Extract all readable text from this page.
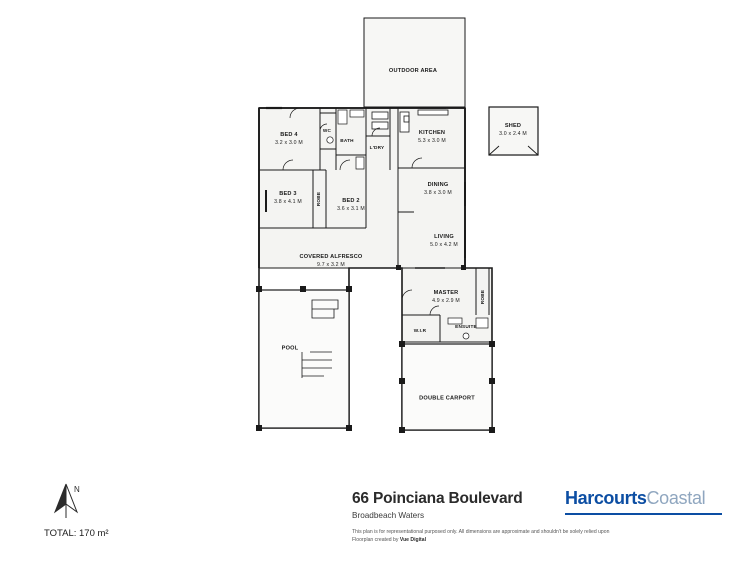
OUTDOOR AREA
BED 4
3.2 x 3.0 M
WC
BATH
L'DRY
KITCHEN
5.3 x 3.0 M
SHED
3.0 x 2.4 M
BED 3
3.8 x 4.1 M	ROBE	BED 2
3.6 x 3.1 M
DINING
3.8 x 3.0 M
LIVING
5.0 x 4.2 M
COVERED ALFRESCO
9.7 x 3.2 M
MASTER
4.9 x 2.9 M	ROBE
W.I.R
ENSUITE
POOL
DOUBLE CARPORT
N
TOTAL: 170 m²
66 Poinciana Boulevard
Broadbeach Waters
This plan is for representational purposed only. All dimensions are approximate and shouldn't be solely relied upon
Floorplan created by Vue Digital
HarcourtsCoastal
